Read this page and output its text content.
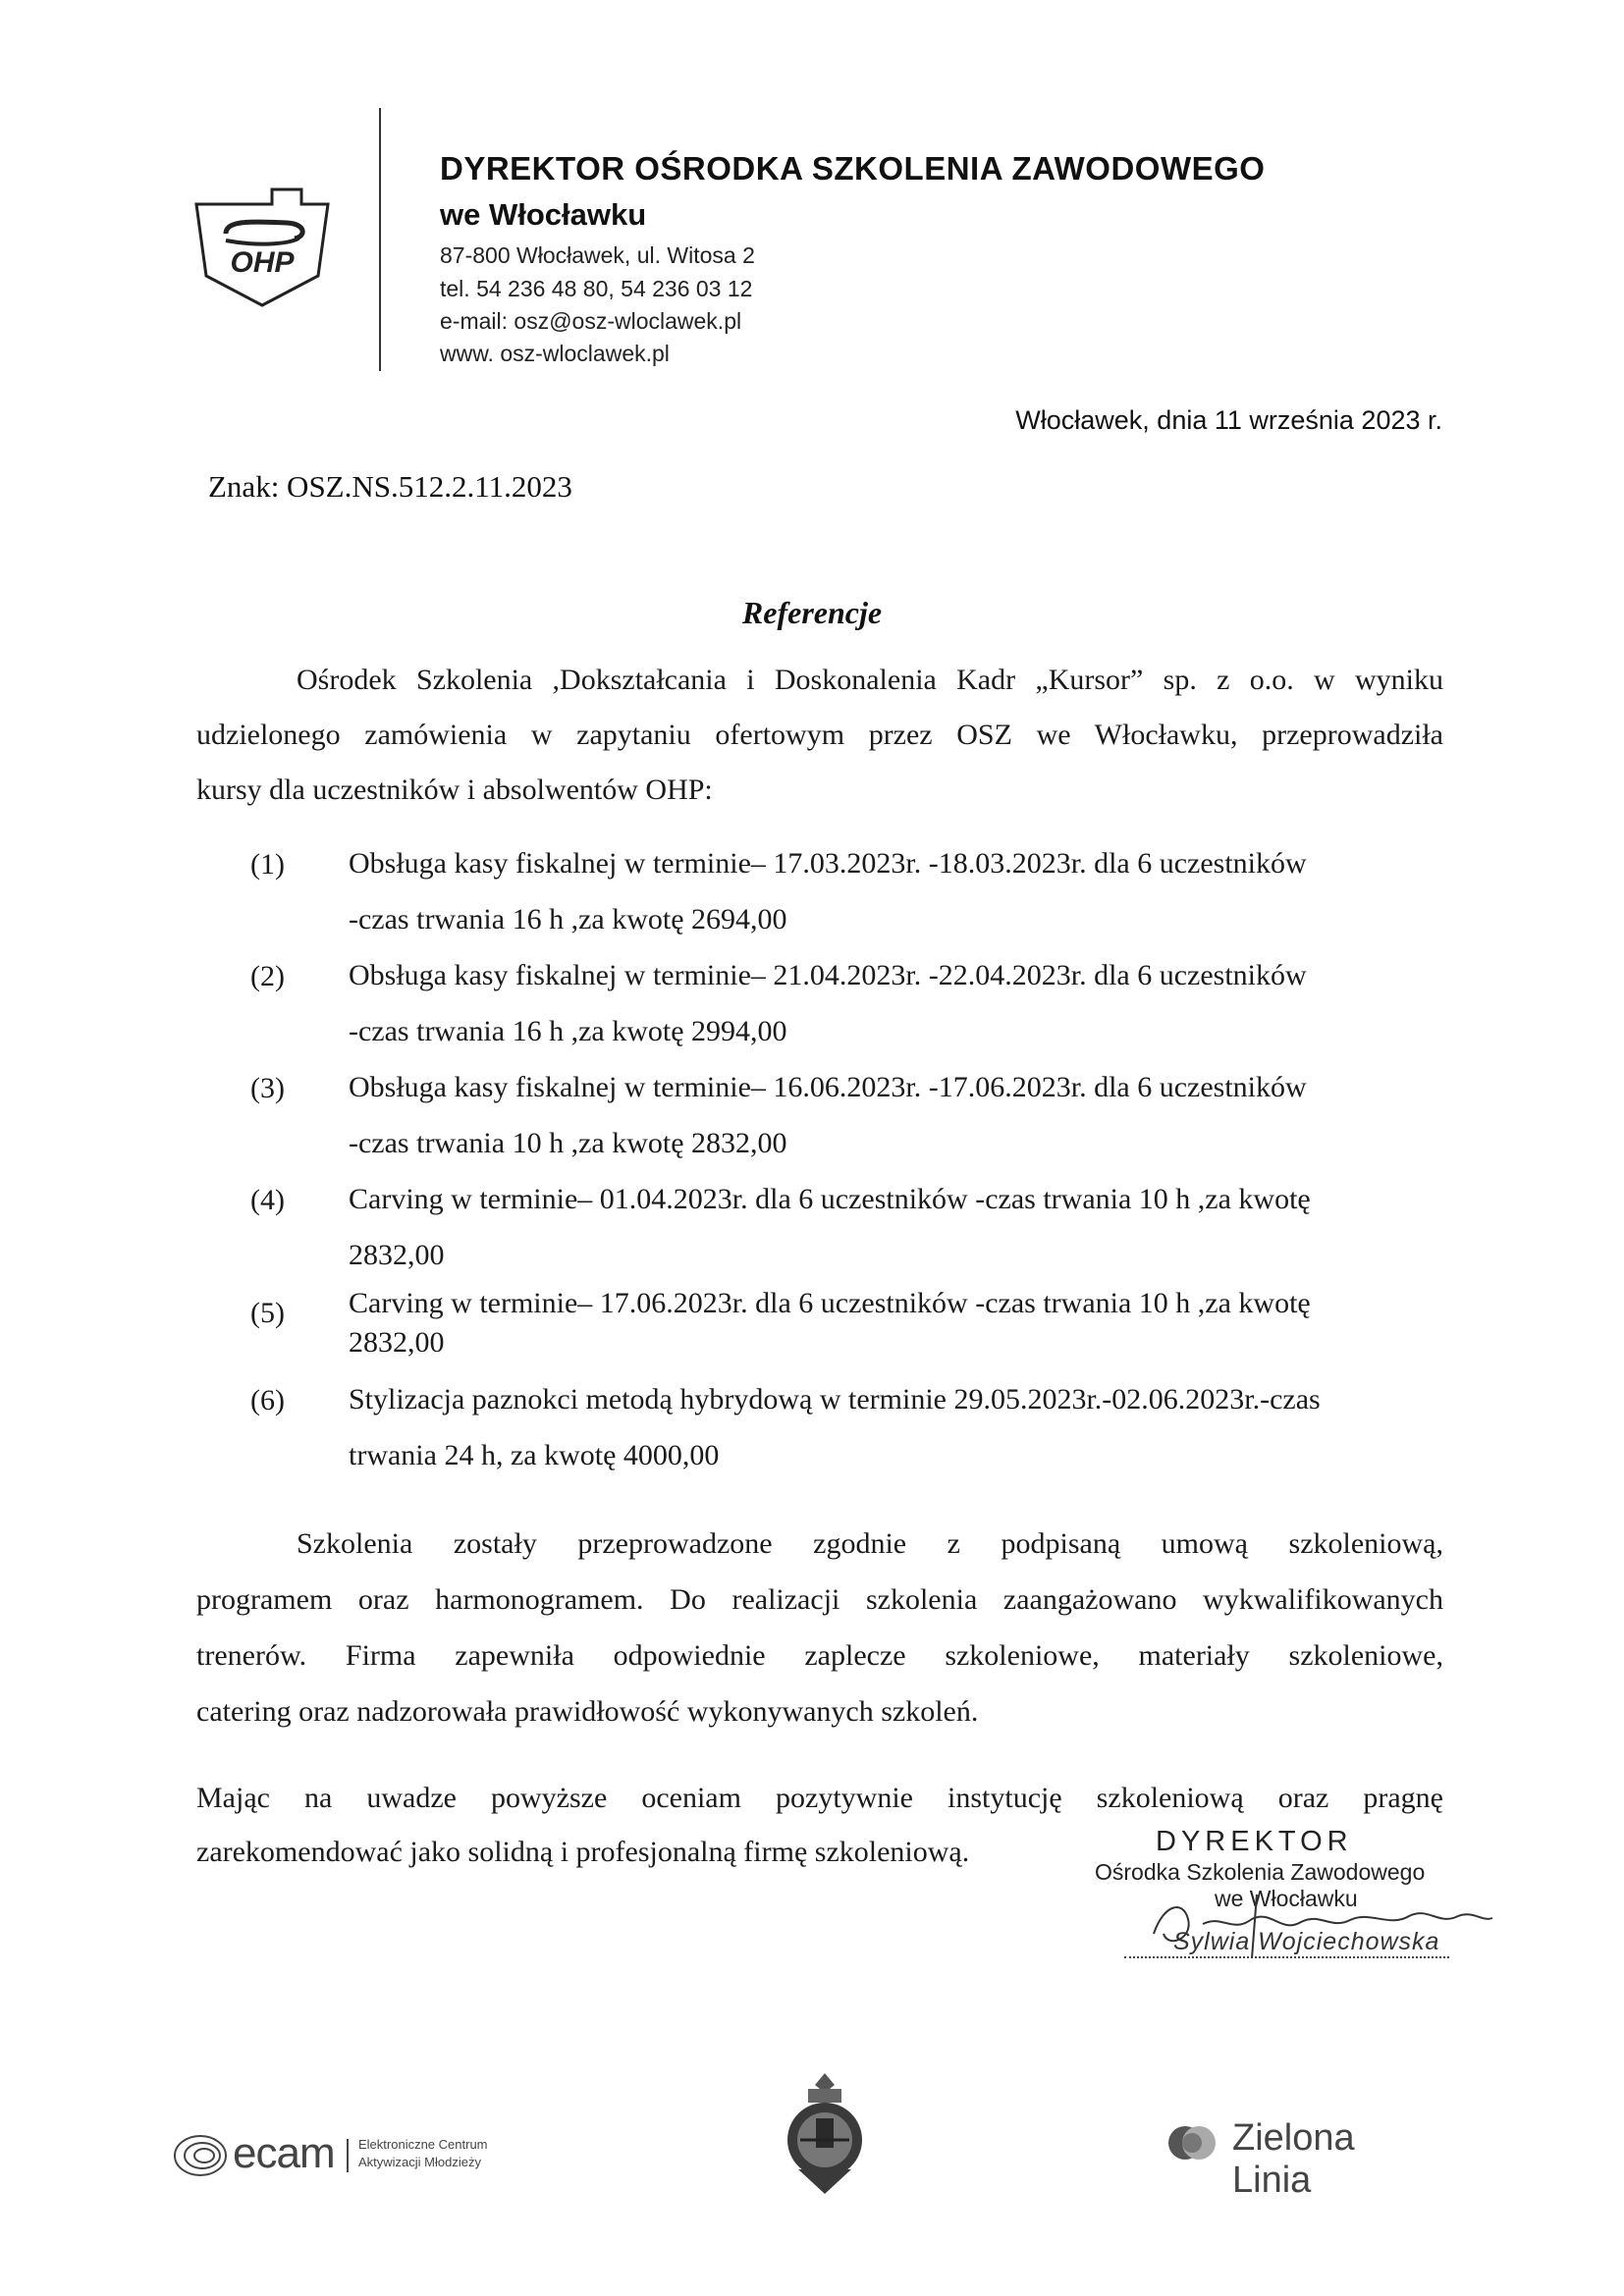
OHP
DYREKTOR OŚRODKA SZKOLENIA ZAWODOWEGO
we Włocławku
87-800 Włocławek, ul. Witosa 2
tel. 54 236 48 80, 54 236 03 12
e-mail: osz@osz-wloclawek.pl
www. osz-wloclawek.pl
Włocławek, dnia 11 września 2023 r.
Znak: OSZ.NS.512.2.11.2023
Referencje

Ośrodek Szkolenia ,Dokształcania i Doskonalenia Kadr „Kursor” sp. z o.o. w wyniku

udzielonego zamówienia w zapytaniu ofertowym przez OSZ we Włocławku, przeprowadziła

kursy dla uczestników i absolwentów OHP:

(1) Obsługa kasy fiskalnej w terminie– 17.03.2023r. -18.03.2023r. dla 6 uczestników
-czas trwania 16 h ,za kwotę 2694,00
(2) Obsługa kasy fiskalnej w terminie– 21.04.2023r. -22.04.2023r. dla 6 uczestników
-czas trwania 16 h ,za kwotę 2994,00
(3) Obsługa kasy fiskalnej w terminie– 16.06.2023r. -17.06.2023r. dla 6 uczestników
-czas trwania 10 h ,za kwotę 2832,00
(4) Carving w terminie– 01.04.2023r. dla 6 uczestników -czas trwania 10 h ,za kwotę
2832,00
(5) Carving w terminie– 17.06.2023r. dla 6 uczestników -czas trwania 10 h ,za kwotę
2832,00
(6) Stylizacja paznokci metodą hybrydową w terminie 29.05.2023r.-02.06.2023r.-czas
trwania 24 h, za kwotę 4000,00

Szkolenia zostały przeprowadzone zgodnie z podpisaną umową szkoleniową,

programem oraz harmonogramem. Do realizacji szkolenia zaangażowano wykwalifikowanych

trenerów. Firma zapewniła odpowiednie zaplecze szkoleniowe, materiały szkoleniowe,

catering oraz nadzorowała prawidłowość wykonywanych szkoleń.

Mając na uwadze powyższe oceniam pozytywnie instytucję szkoleniową oraz pragnę

zarekomendować jako solidną i profesjonalną firmę szkoleniową.	DYREKTOR
Ośrodka Szkolenia Zawodowego
we Włocławku
Sylwia Wojciechowska
ecam Elektroniczne Centrum
Aktywizacji Młodzieży
Zielona Linia
